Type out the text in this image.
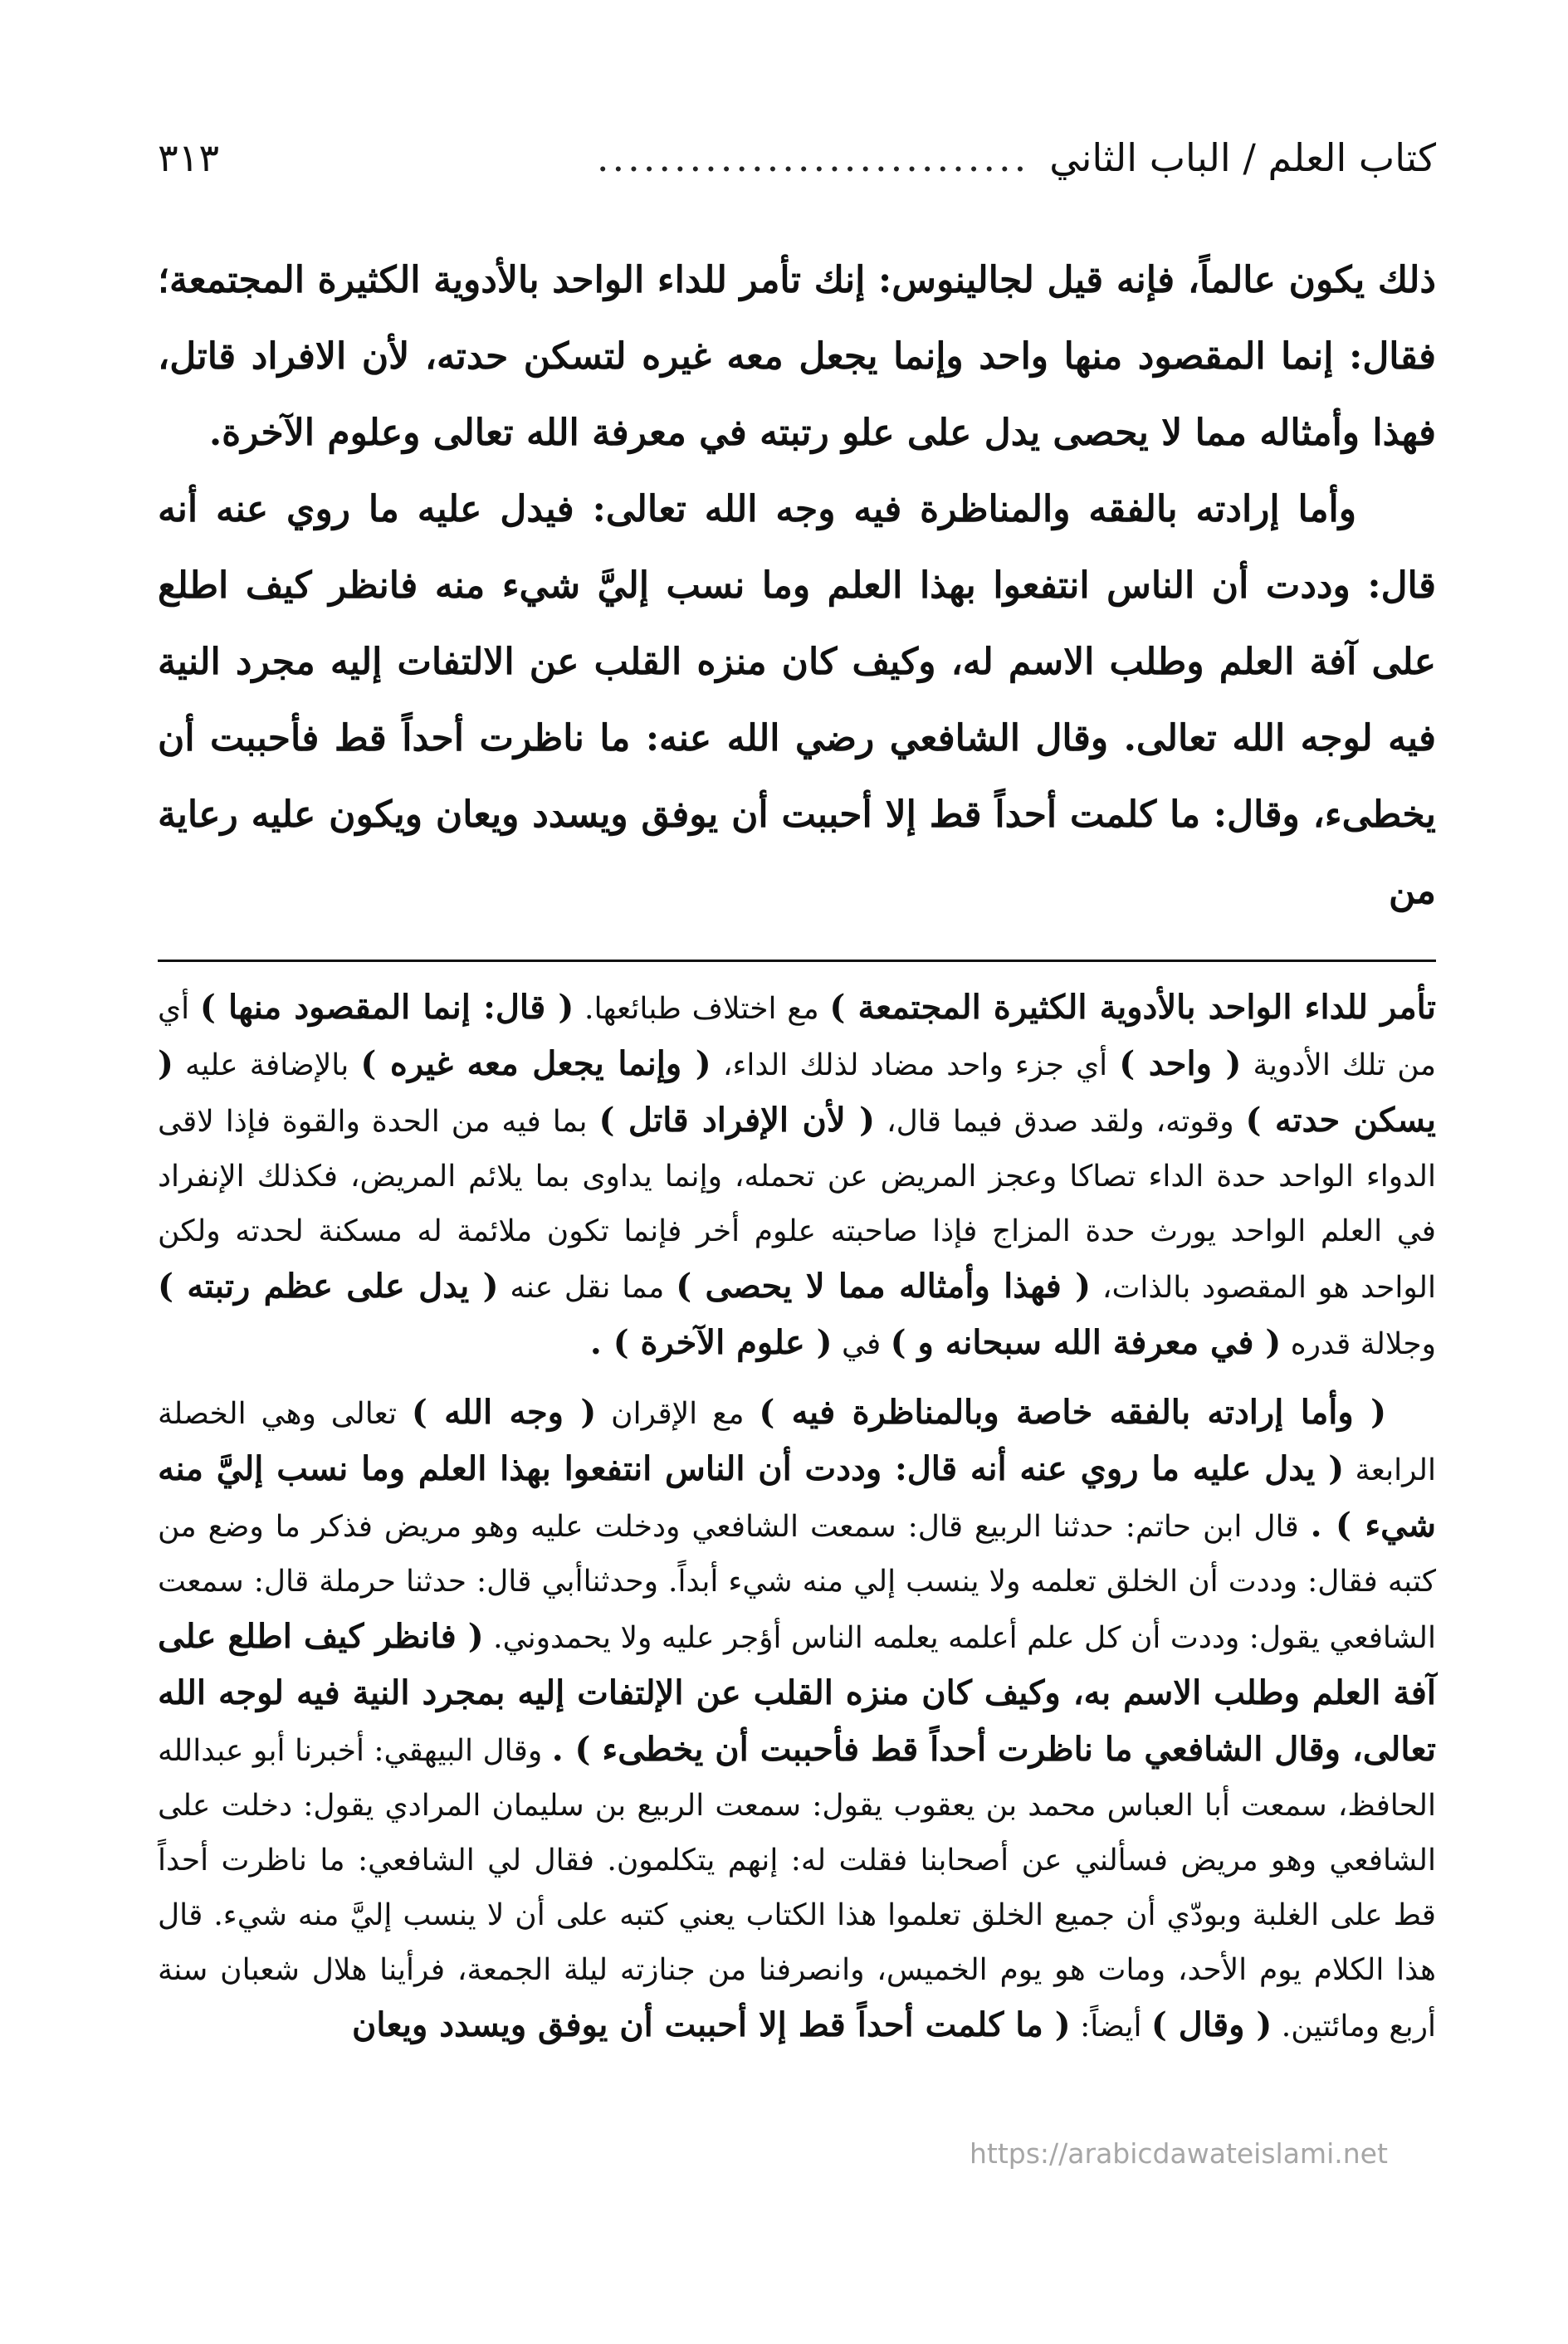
كتاب العلم / الباب الثاني
............................
٣١٣

ذلك يكون عالماً، فإنه قيل لجالينوس: إنك تأمر للداء الواحد بالأدوية الكثيرة المجتمعة؛ فقال: إنما المقصود منها واحد وإنما يجعل معه غيره لتسكن حدته، لأن الافراد قاتل، فهذا وأمثاله مما لا يحصى يدل على علو رتبته في معرفة الله تعالى وعلوم الآخرة.

وأما إرادته بالفقه والمناظرة فيه وجه الله تعالى: فيدل عليه ما روي عنه أنه قال: وددت أن الناس انتفعوا بهذا العلم وما نسب إليَّ شيء منه فانظر كيف اطلع على آفة العلم وطلب الاسم له، وكيف كان منزه القلب عن الالتفات إليه مجرد النية فيه لوجه الله تعالى. وقال الشافعي رضي الله عنه: ما ناظرت أحداً قط فأحببت أن يخطىء، وقال: ما كلمت أحداً قط إلا أحببت أن يوفق ويسدد ويعان ويكون عليه رعاية من

تأمر للداء الواحد بالأدوية الكثيرة المجتمعة ) مع اختلاف طبائعها. ( قال: إنما المقصود منها ) أي من تلك الأدوية ( واحد ) أي جزء واحد مضاد لذلك الداء، ( وإنما يجعل معه غيره ) بالإضافة عليه ( يسكن حدته ) وقوته، ولقد صدق فيما قال، ( لأن الإفراد قاتل ) بما فيه من الحدة والقوة فإذا لاقى الدواء الواحد حدة الداء تصاكا وعجز المريض عن تحمله، وإنما يداوى بما يلائم المريض، فكذلك الإنفراد في العلم الواحد يورث حدة المزاج فإذا صاحبته علوم أخر فإنما تكون ملائمة له مسكنة لحدته ولكن الواحد هو المقصود بالذات، ( فهذا وأمثاله مما لا يحصى ) مما نقل عنه ( يدل على عظم رتبته ) وجلالة قدره ( في معرفة الله سبحانه و ) في ( علوم الآخرة ) .

( وأما إرادته بالفقه خاصة وبالمناظرة فيه ) مع الإقران ( وجه الله ) تعالى وهي الخصلة الرابعة ( يدل عليه ما روي عنه أنه قال: وددت أن الناس انتفعوا بهذا العلم وما نسب إليَّ منه شيء ) . قال ابن حاتم: حدثنا الربيع قال: سمعت الشافعي ودخلت عليه وهو مريض فذكر ما وضع من كتبه فقال: وددت أن الخلق تعلمه ولا ينسب إلي منه شيء أبداً. وحدثناأبي قال: حدثنا حرملة قال: سمعت الشافعي يقول: وددت أن كل علم أعلمه يعلمه الناس أؤجر عليه ولا يحمدوني. ( فانظر كيف اطلع على آفة العلم وطلب الاسم به، وكيف كان منزه القلب عن الإلتفات إليه بمجرد النية فيه لوجه الله تعالى، وقال الشافعي ما ناظرت أحداً قط فأحببت أن يخطىء ) . وقال البيهقي: أخبرنا أبو عبدالله الحافظ، سمعت أبا العباس محمد بن يعقوب يقول: سمعت الربيع بن سليمان المرادي يقول: دخلت على الشافعي وهو مريض فسألني عن أصحابنا فقلت له: إنهم يتكلمون. فقال لي الشافعي: ما ناظرت أحداً قط على الغلبة وبودّي أن جميع الخلق تعلموا هذا الكتاب يعني كتبه على أن لا ينسب إليَّ منه شيء. قال هذا الكلام يوم الأحد، ومات هو يوم الخميس، وانصرفنا من جنازته ليلة الجمعة، فرأينا هلال شعبان سنة أربع ومائتين. ( وقال ) أيضاً: ( ما كلمت أحداً قط إلا أحببت أن يوفق ويسدد ويعان

https://arabicdawateislami.net
